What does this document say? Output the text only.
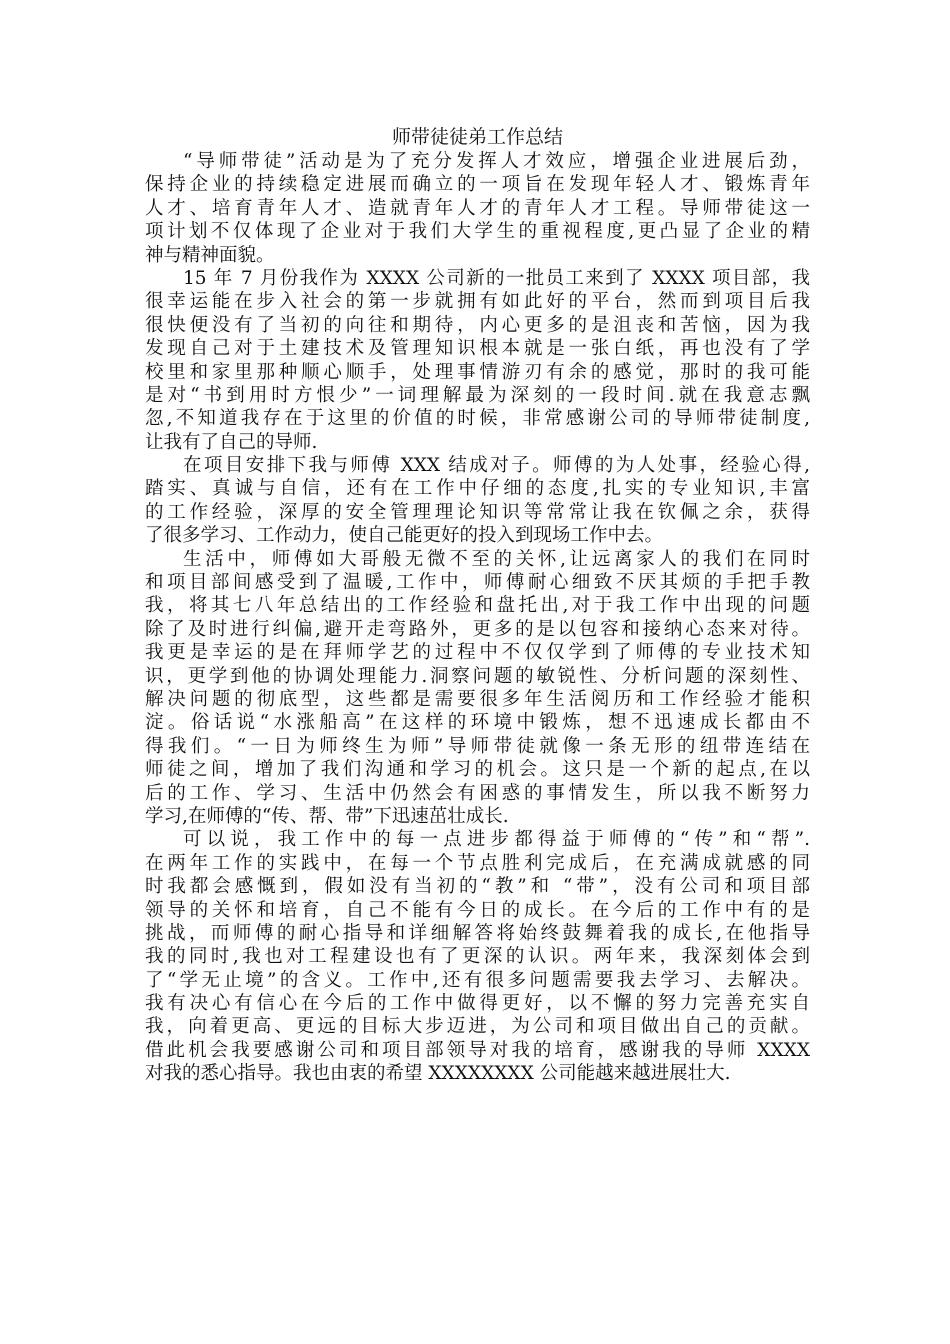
师带徒徒弟工作总结

“导师带徒”活动是为了充分发挥人才效应，增强企业进展后劲，
保持企业的持续稳定进展而确立的一项旨在发现年轻人才、锻炼青年
人才、培育青年人才、造就青年人才的青年人才工程。导师带徒这一
项计划不仅体现了企业对于我们大学生的重视程度,更凸显了企业的精
神与精神面貌。

15 年 7 月份我作为 XXXX 公司新的一批员工来到了 XXXX 项目部，我
很幸运能在步入社会的第一步就拥有如此好的平台，然而到项目后我
很快便没有了当初的向往和期待，内心更多的是沮丧和苦恼，因为我
发现自己对于土建技术及管理知识根本就是一张白纸，再也没有了学
校里和家里那种顺心顺手，处理事情游刃有余的感觉，那时的我可能
是对“书到用时方恨少”一词理解最为深刻的一段时间.就在我意志飘
忽,不知道我存在于这里的价值的时候，非常感谢公司的导师带徒制度,
让我有了自己的导师.

在项目安排下我与师傅 XXX 结成对子。师傅的为人处事，经验心得,
踏实、真诚与自信，还有在工作中仔细的态度,扎实的专业知识,丰富
的工作经验，深厚的安全管理理论知识等常常让我在钦佩之余，获得
了很多学习、工作动力，使自己能更好的投入到现场工作中去。

生活中，师傅如大哥般无微不至的关怀,让远离家人的我们在同时
和项目部间感受到了温暖,工作中，师傅耐心细致不厌其烦的手把手教
我，将其七八年总结出的工作经验和盘托出,对于我工作中出现的问题
除了及时进行纠偏,避开走弯路外，更多的是以包容和接纳心态来对待。
我更是幸运的是在拜师学艺的过程中不仅仅学到了师傅的专业技术知
识，更学到他的协调处理能力.洞察问题的敏锐性、分析问题的深刻性、
解决问题的彻底型，这些都是需要很多年生活阅历和工作经验才能积
淀。俗话说“水涨船高”在这样的环境中锻炼，想不迅速成长都由不
得我们。“一日为师终生为师”导师带徒就像一条无形的纽带连结在
师徒之间，增加了我们沟通和学习的机会。这只是一个新的起点,在以
后的工作、学习、生活中仍然会有困惑的事情发生，所以我不断努力
学习,在师傅的“传、帮、带”下迅速茁壮成长.

可以说，我工作中的每一点进步都得益于师傅的“传”和“帮”.
在两年工作的实践中，在每一个节点胜利完成后，在充满成就感的同
时我都会感慨到，假如没有当初的“教”和 “带”，没有公司和项目部
领导的关怀和培育，自己不能有今日的成长。在今后的工作中有的是
挑战，而师傅的耐心指导和详细解答将始终鼓舞着我的成长,在他指导
我的同时,我也对工程建设也有了更深的认识。两年来，我深刻体会到
了“学无止境”的含义。工作中,还有很多问题需要我去学习、去解决。
我有决心有信心在今后的工作中做得更好，以不懈的努力完善充实自
我，向着更高、更远的目标大步迈进，为公司和项目做出自己的贡献。
借此机会我要感谢公司和项目部领导对我的培育，感谢我的导师 XXXX
对我的悉心指导。我也由衷的希望 XXXXXXXX 公司能越来越进展壮大.
